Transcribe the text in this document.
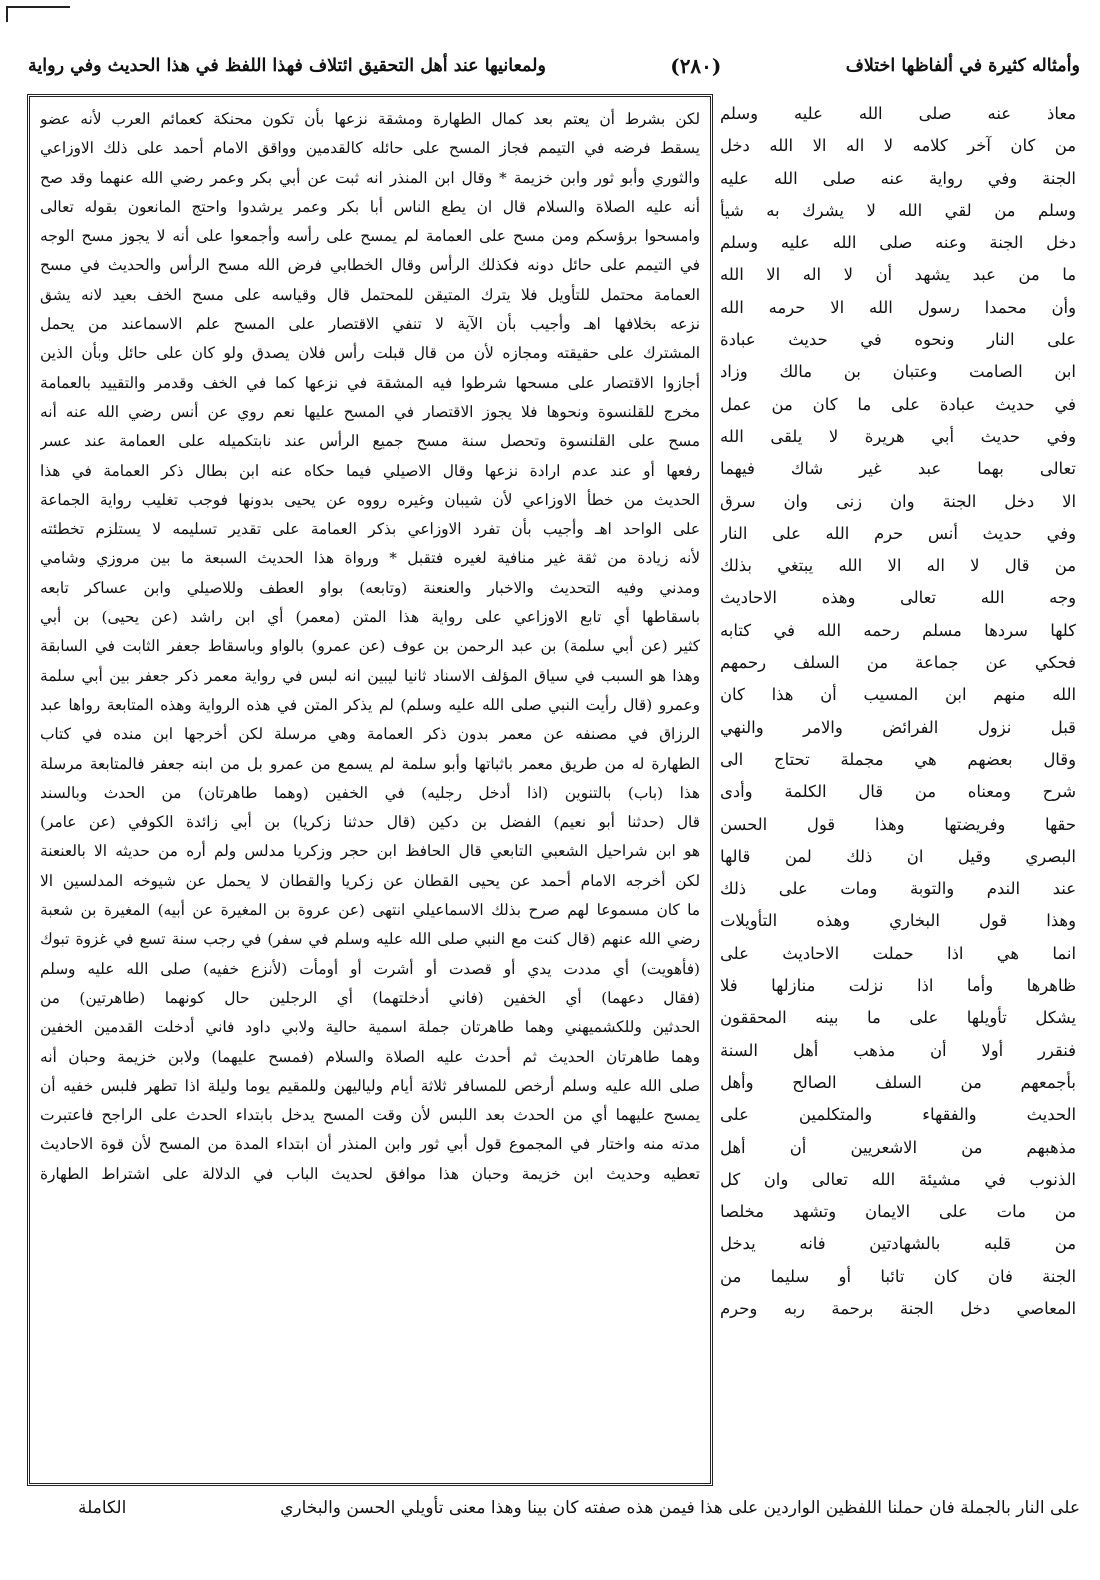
وأمثاله كثيرة في ألفاظها اختلاف
(٢٨٠)
ولمعانيها عند أهل التحقيق ائتلاف فهذا اللفظ في هذا الحديث وفي رواية
لكن بشرط أن يعتم بعد كمال الطهارة ومشقة نزعها بأن تكون محنكة كعمائم العرب لأنه عضو
يسقط فرضه في التيمم فجاز المسح على حائله كالقدمين وواقق الامام أحمد على ذلك الاوزاعي
والثوري وأبو ثور وابن خزيمة * وقال ابن المنذر انه ثبت عن أبي بكر وعمر رضي الله عنهما وقد صح
أنه عليه الصلاة والسلام قال ان يطع الناس أبا بكر وعمر يرشدوا واحتج المانعون بقوله تعالى
وامسحوا برؤسكم ومن مسح على العمامة لم يمسح على رأسه وأجمعوا على أنه لا يجوز مسح الوجه
في التيمم على حائل دونه فكذلك الرأس وقال الخطابي فرض الله مسح الرأس والحديث في مسح
العمامة محتمل للتأويل فلا يترك المتيقن للمحتمل قال وقياسه على مسح الخف بعيد لانه يشق
نزعه بخلافها اهـ وأجيب بأن الآية لا تنفي الاقتصار على المسح علم الاسماعند من يحمل
المشترك على حقيقته ومجازه لأن من قال قبلت رأس فلان يصدق ولو كان على حائل وبأن الذين
أجازوا الاقتصار على مسحها شرطوا فيه المشقة في نزعها كما في الخف وقدمر والتقييد بالعمامة
مخرج للقلنسوة ونحوها فلا يجوز الاقتصار في المسح عليها نعم روي عن أنس رضي الله عنه أنه
مسح على القلنسوة وتحصل سنة مسح جميع الرأس عند نابتكميله على العمامة عند عسر
رفعها أو عند عدم ارادة نزعها وقال الاصيلي فيما حكاه عنه ابن بطال ذكر العمامة في هذا
الحديث من خطأ الاوزاعي لأن شيبان وغيره رووه عن يحيى بدونها فوجب تغليب رواية الجماعة
على الواحد اهـ وأجيب بأن تفرد الاوزاعي بذكر العمامة على تقدير تسليمه لا يستلزم تخطئته
لأنه زيادة من ثقة غير منافية لغيره فتقبل * ورواة هذا الحديث السبعة ما بين مروزي وشامي
ومدني وفيه التحديث والاخبار والعنعنة (وتابعه) بواو العطف وللاصيلي وابن عساكر تابعه
باسقاطها أي تابع الاوزاعي على رواية هذا المتن (معمر) أي ابن راشد (عن يحيى) بن أبي
كثير (عن أبي سلمة) بن عبد الرحمن بن عوف (عن عمرو) بالواو وباسقاط جعفر الثابت في السابقة
وهذا هو السبب في سياق المؤلف الاسناد ثانيا ليبين انه لبس في رواية معمر ذكر جعفر بين أبي سلمة
وعمرو (قال رأيت النبي صلى الله عليه وسلم) لم يذكر المتن في هذه الرواية وهذه المتابعة رواها عبد
الرزاق في مصنفه عن معمر بدون ذكر العمامة وهي مرسلة لكن أخرجها ابن منده في كتاب
الطهارة له من طريق معمر باثباتها وأبو سلمة لم يسمع من عمرو بل من ابنه جعفر فالمتابعة مرسلة
هذا (باب) بالتنوين (اذا أدخل رجليه) في الخفين (وهما طاهرتان) من الحدث وبالسند
قال (حدثنا أبو نعيم) الفضل بن دكين (قال حدثنا زكريا) بن أبي زائدة الكوفي (عن عامر)
هو ابن شراحيل الشعبي التابعي قال الحافظ ابن حجر وزكريا مدلس ولم أره من حديثه الا بالعنعنة
لكن أخرجه الامام أحمد عن يحيى القطان عن زكريا والقطان لا يحمل عن شيوخه المدلسين الا
ما كان مسموعا لهم صرح بذلك الاسماعيلي انتهى (عن عروة بن المغيرة عن أبيه) المغيرة بن شعبة
رضي الله عنهم (قال كنت مع النبي صلى الله عليه وسلم في سفر) في رجب سنة تسع في غزوة تبوك
(فأهويت) أي مددت يدي أو قصدت أو أشرت أو أومأت (لأنزع خفيه) صلى الله عليه وسلم
(فقال دعهما) أي الخفين (فاني أدخلتهما) أي الرجلين حال كونهما (طاهرتين) من
الحدثين وللكشميهني وهما طاهرتان جملة اسمية حالية ولابي داود فاني أدخلت القدمين الخفين
وهما طاهرتان الحديث ثم أحدث عليه الصلاة والسلام (فمسح عليهما) ولابن خزيمة وحبان أنه
صلى الله عليه وسلم أرخص للمسافر ثلاثة أيام ولياليهن وللمقيم يوما وليلة اذا تطهر فلبس خفيه أن
يمسح عليهما أي من الحدث بعد اللبس لأن وقت المسح يدخل بابتداء الحدث على الراجح فاعتبرت
مدته منه واختار في المجموع قول أبي ثور وابن المنذر أن ابتداء المدة من المسح لأن قوة الاحاديث
تعطيه وحديث ابن خزيمة وحبان هذا موافق لحديث الباب في الدلالة على اشتراط الطهارة
معاذ عنه صلى الله عليه وسلم
من كان آخر كلامه لا اله الا الله دخل
الجنة وفي رواية عنه صلى الله عليه
وسلم من لقي الله لا يشرك به شيأ
دخل الجنة وعنه صلى الله عليه وسلم
ما من عبد يشهد أن لا اله الا الله
وأن محمدا رسول الله الا حرمه الله
على النار ونحوه في حديث عبادة
ابن الصامت وعتبان بن مالك وزاد
في حديث عبادة على ما كان من عمل
وفي حديث أبي هريرة لا يلقى الله
تعالى بهما عبد غير شاك فيهما
الا دخل الجنة وان زنى وان سرق
وفي حديث أنس حرم الله على النار
من قال لا اله الا الله يبتغي بذلك
وجه الله تعالى وهذه الاحاديث
كلها سردها مسلم رحمه الله في كتابه
فحكي عن جماعة من السلف رحمهم
الله منهم ابن المسيب أن هذا كان
قبل نزول الفرائض والامر والنهي
وقال بعضهم هي مجملة تحتاج الى
شرح ومعناه من قال الكلمة وأدى
حقها وفريضتها وهذا قول الحسن
البصري وقيل ان ذلك لمن قالها
عند الندم والتوبة ومات على ذلك
وهذا قول البخاري وهذه التأويلات
انما هي اذا حملت الاحاديث على
ظاهرها وأما اذا نزلت منازلها فلا
يشكل تأويلها على ما بينه المحققون
فنقرر أولا أن مذهب أهل السنة
بأجمعهم من السلف الصالح وأهل
الحديث والفقهاء والمتكلمين على
مذهبهم من الاشعريين أن أهل
الذنوب في مشيئة الله تعالى وان كل
من مات على الايمان وتشهد مخلصا
من قلبه بالشهادتين فانه يدخل
الجنة فان كان تائبا أو سليما من
المعاصي دخل الجنة برحمة ربه وحرم
على النار بالجملة فان حملنا اللفظين الواردين على هذا فيمن هذه صفته كان بينا وهذا معنى تأويلي الحسن والبخاري
الكاملة
